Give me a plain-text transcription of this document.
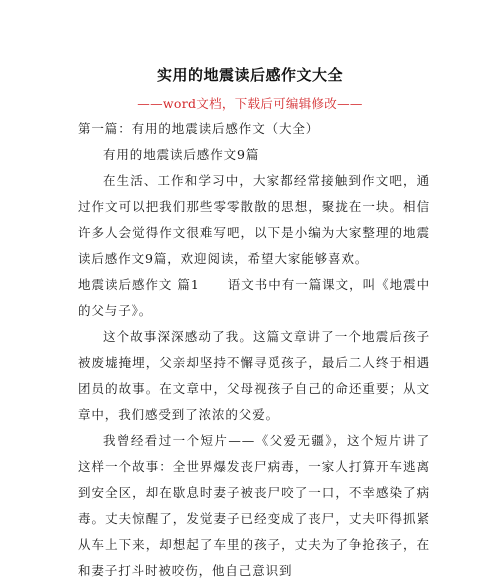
实用的地震读后感作文大全
——word文档，下载后可编辑修改——

第一篇：有用的地震读后感作文（大全）

有用的地震读后感作文9篇

在生活、工作和学习中，大家都经常接触到作文吧，通过作文可以把我们那些零零散散的思想，聚拢在一块。相信许多人会觉得作文很难写吧，以下是小编为大家整理的地震读后感作文9篇，欢迎阅读，希望大家能够喜欢。

地震读后感作文 篇1 语文书中有一篇课文，叫《地震中的父与子》。

这个故事深深感动了我。这篇文章讲了一个地震后孩子被废墟掩埋，父亲却坚持不懈寻觅孩子，最后二人终于相遇团员的故事。在文章中，父母视孩子自己的命还重要；从文章中，我们感受到了浓浓的父爱。

我曾经看过一个短片——《父爱无疆》，这个短片讲了这样一个故事：全世界爆发丧尸病毒，一家人打算开车逃离到安全区，却在歇息时妻子被丧尸咬了一口，不幸感染了病毒。丈夫惊醒了，发觉妻子已经变成了丧尸，丈夫吓得抓紧从车上下来，却想起了车里的孩子，丈夫为了争抢孩子，在和妻子打斗时被咬伤，他自己意识到
